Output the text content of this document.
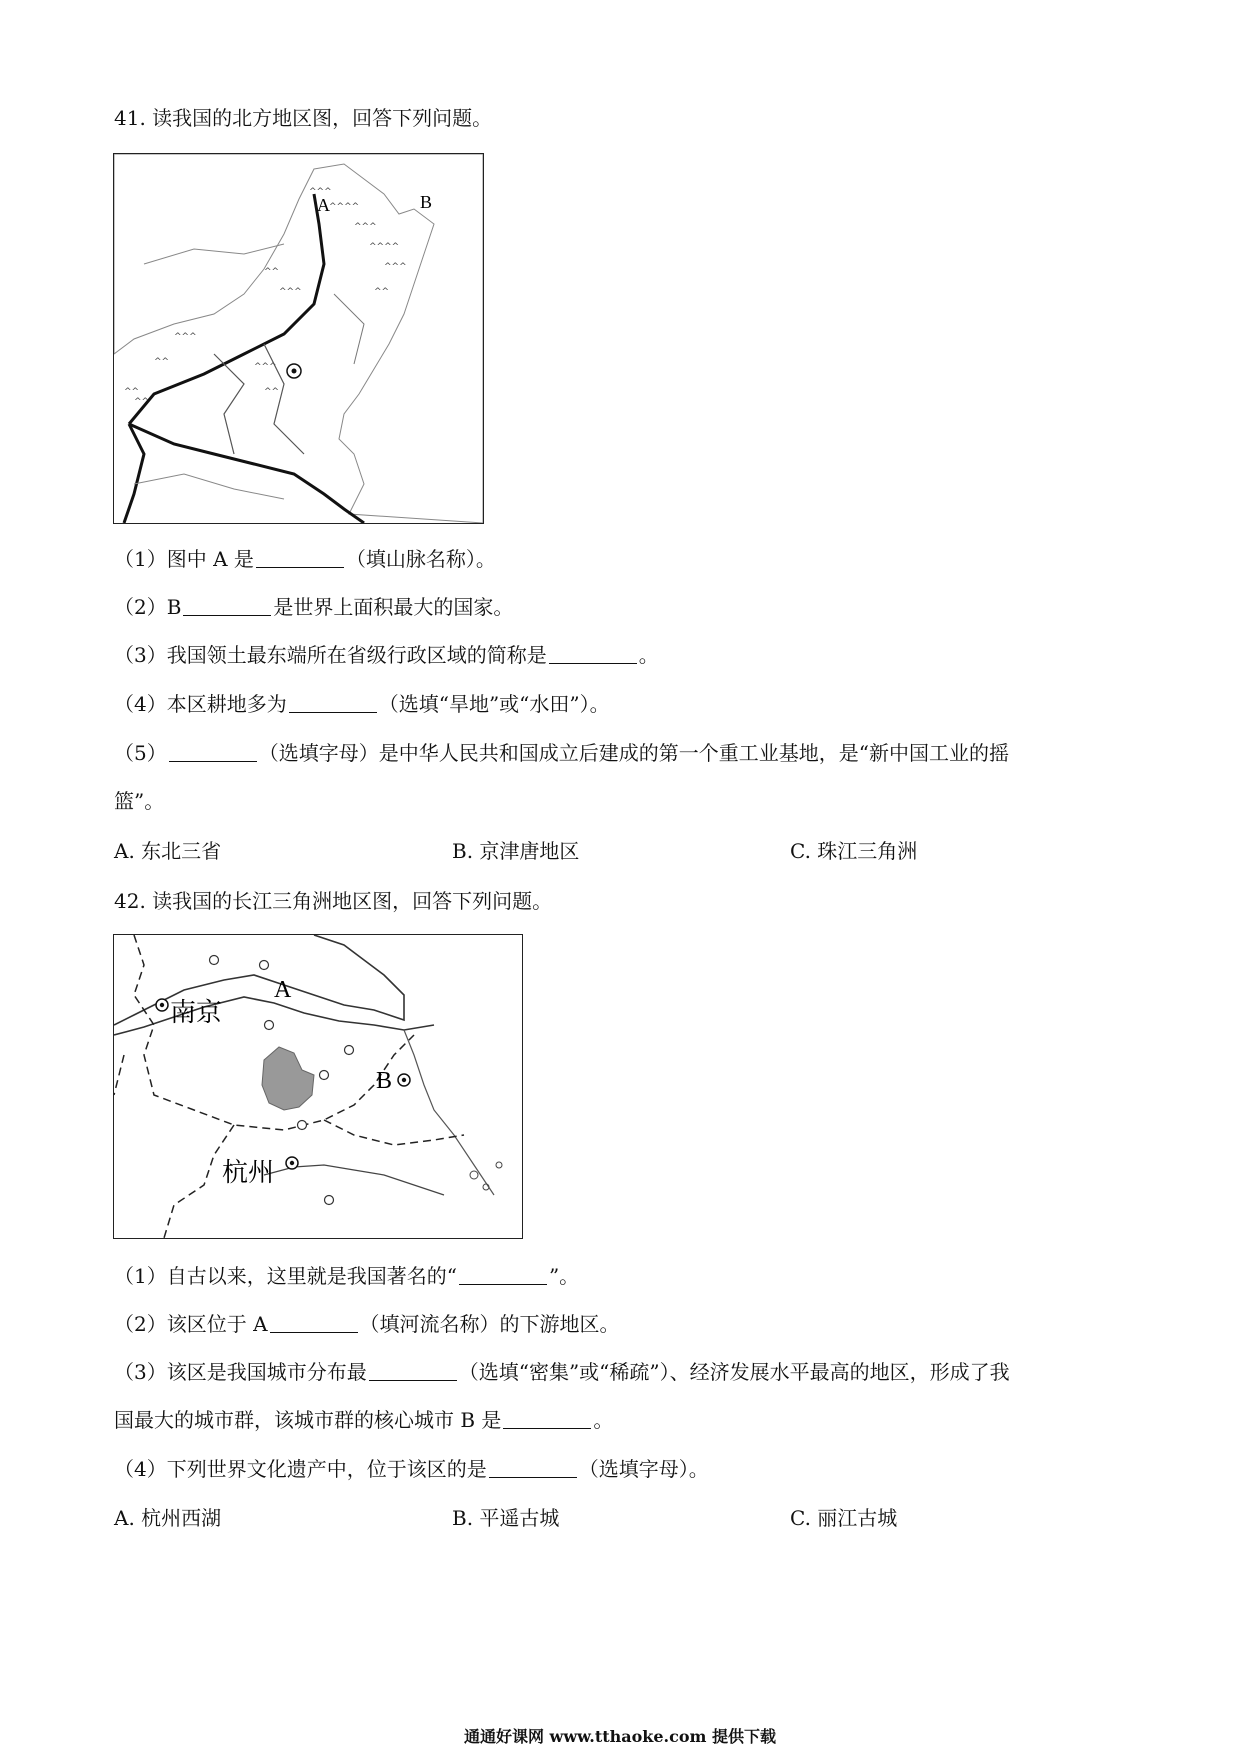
41. 读我国的北方地区图，回答下列问题。
^^^
^^^^
^^^
^^^^
^^^
^^
^^
^^^
^^^
^^	^^^
^^
^^
^^
A	B
（1）图中 A 是	（填山脉名称）。
（2）B	是世界上面积最大的国家。
（3）我国领土最东端所在省级行政区域的简称是	。
（4）本区耕地多为	（选填“旱地”或“水田”）。
（5）	（选填字母）是中华人民共和国成立后建成的第一个重工业基地，是“新中国工业的摇
篮”。
A. 东北三省	B. 京津唐地区	C. 珠江三角洲
42. 读我国的长江三角洲地区图，回答下列问题。
A
B
南京
杭州
（1）自古以来，这里就是我国著名的“	”。
（2）该区位于 A	（填河流名称）的下游地区。
（3）该区是我国城市分布最	（选填“密集”或“稀疏”）、经济发展水平最高的地区，形成了我
国最大的城市群，该城市群的核心城市 B 是	。
（4）下列世界文化遗产中，位于该区的是	（选填字母）。
A. 杭州西湖	B. 平遥古城	C. 丽江古城
通通好课网 www.tthaoke.com 提供下载
